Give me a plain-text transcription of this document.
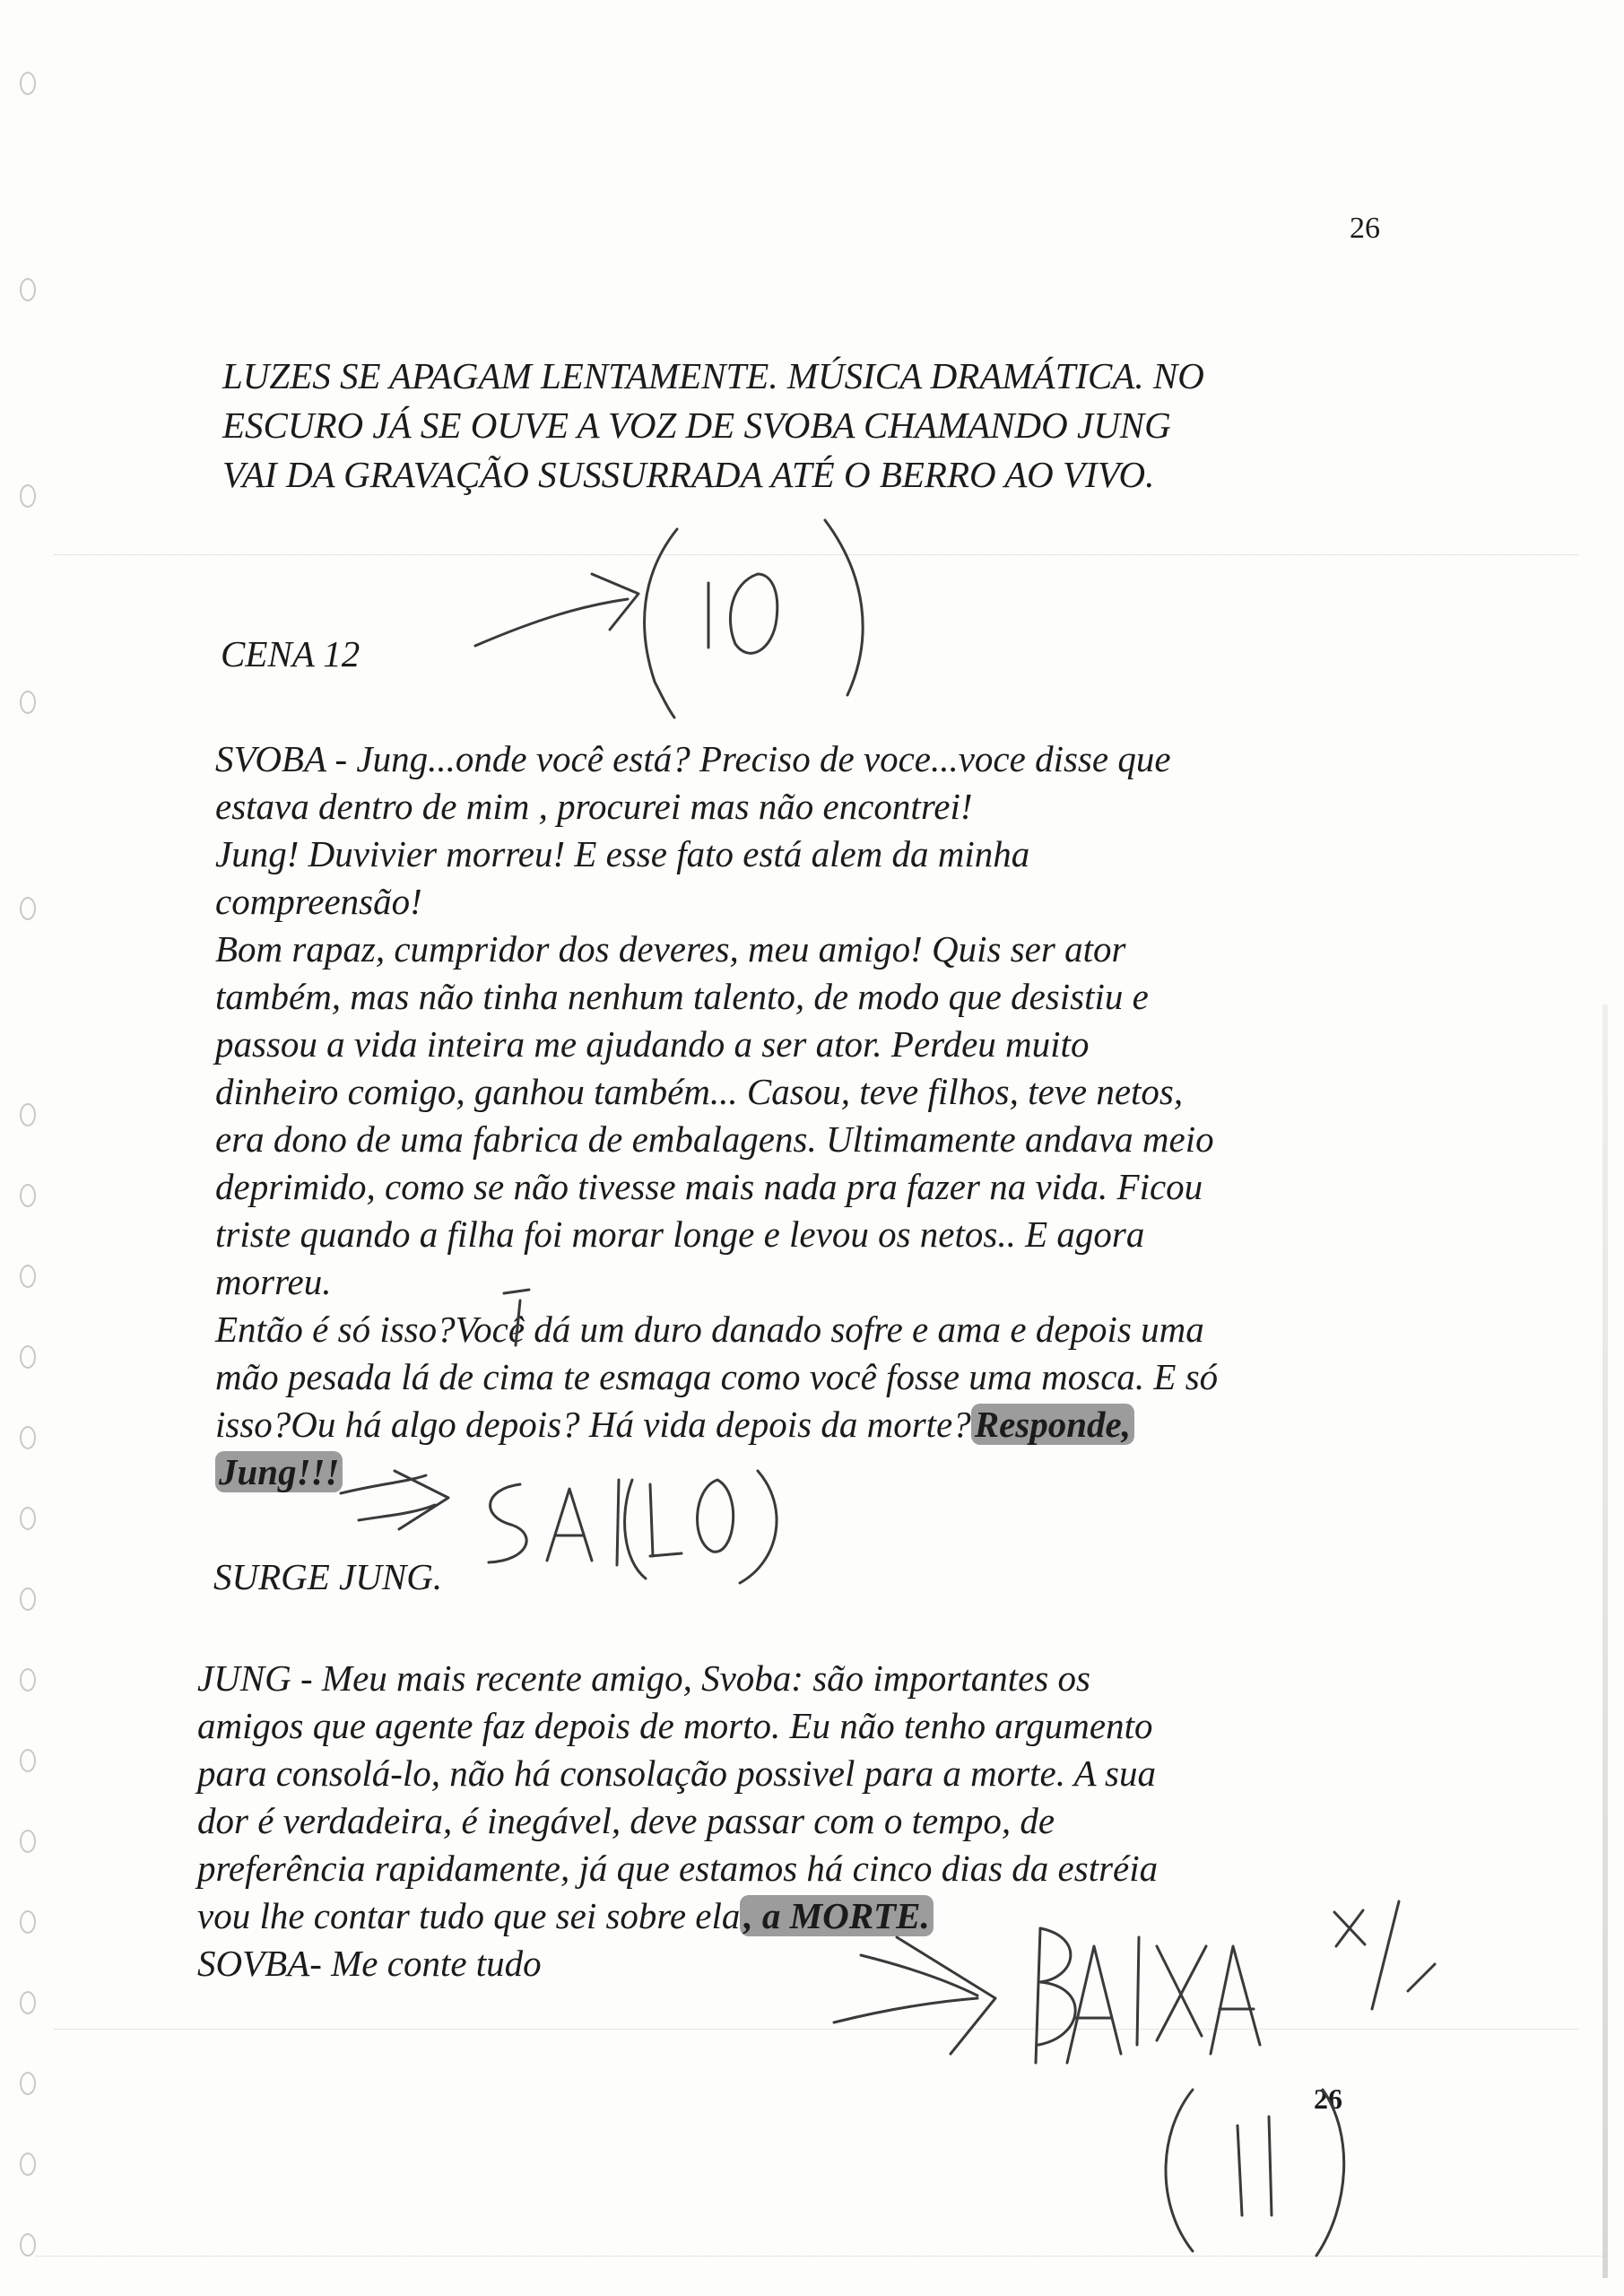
26
LUZES SE APAGAM LENTAMENTE. MÚSICA DRAMÁTICA. NO
ESCURO JÁ SE OUVE A VOZ DE SVOBA CHAMANDO JUNG
VAI DA GRAVAÇÃO SUSSURRADA ATÉ O BERRO AO VIVO.
CENA 12
SVOBA - Jung...onde você está? Preciso de voce...voce disse que
estava dentro de mim , procurei mas não encontrei!
Jung! Duvivier morreu! E esse fato está alem da minha
compreensão!
Bom rapaz, cumpridor dos deveres, meu amigo! Quis ser ator
também, mas não tinha nenhum talento, de modo que desistiu e
passou a vida inteira me ajudando a ser ator. Perdeu muito
dinheiro comigo, ganhou também... Casou, teve filhos, teve netos,
era dono de uma fabrica de embalagens. Ultimamente andava meio
deprimido, como se não tivesse mais nada pra fazer na vida. Ficou
triste quando a filha foi morar longe e levou os netos.. E agora
morreu.
Então é só isso?Você dá um duro danado sofre e ama e depois uma
mão pesada lá de cima te esmaga como você fosse uma mosca. E só
isso?Ou há algo depois? Há vida depois da morte?Responde,
Jung!!!
SURGE JUNG.
JUNG - Meu mais recente amigo, Svoba: são importantes os
amigos que agente faz depois de morto. Eu não tenho argumento
para consolá-lo, não há consolação possivel para a morte. A sua
dor é verdadeira, é inegável, deve passar com o tempo, de
preferência rapidamente, já que estamos há cinco dias da estréia
vou lhe contar tudo que sei sobre ela, a MORTE.
SOVBA- Me conte tudo
26
